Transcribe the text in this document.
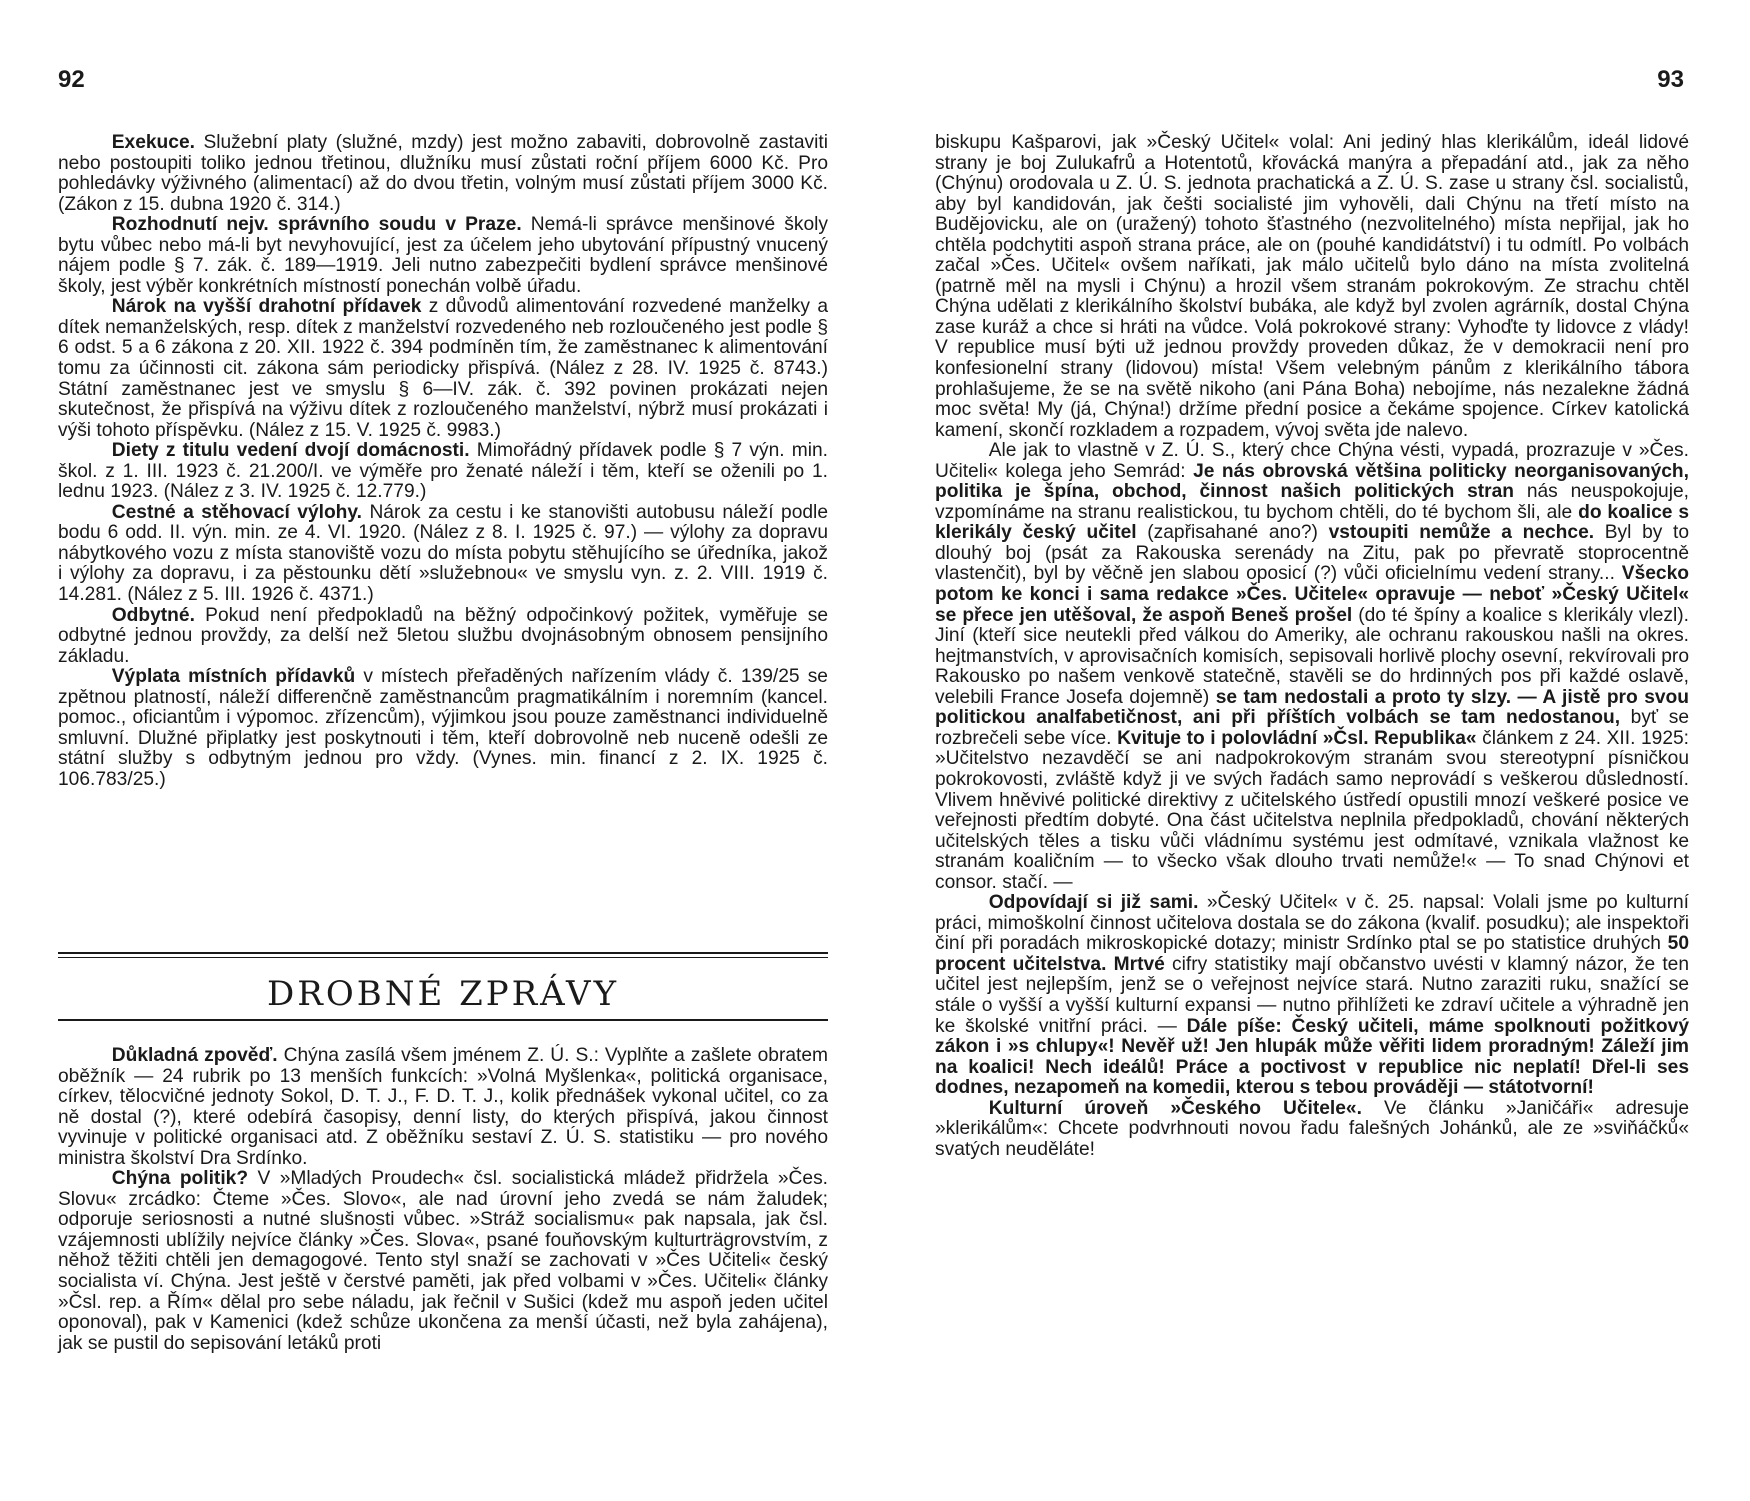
92

Exekuce. Služební platy (služné, mzdy) jest možno zabaviti, dobrovolně zastaviti nebo postoupiti toliko jednou třetinou, dlužníku musí zůstati roční příjem 6000 Kč. Pro pohledávky výživného (alimentací) až do dvou třetin, volným musí zůstati příjem 3000 Kč. (Zákon z 15. dubna 1920 č. 314.)

Rozhodnutí nejv. správního soudu v Praze. Nemá-li správce menšinové školy bytu vůbec nebo má-li byt nevyhovující, jest za účelem jeho ubytování přípustný vnucený nájem podle § 7. zák. č. 189—1919. Jeli nutno zabezpečiti bydlení správce menšinové školy, jest výběr konkrétních místností ponechán volbě úřadu.

Nárok na vyšší drahotní přídavek z důvodů alimentování rozvedené manželky a dítek nemanželských, resp. dítek z manželství rozvedeného neb rozloučeného jest podle § 6 odst. 5 a 6 zákona z 20. XII. 1922 č. 394 podmíněn tím, že zaměstnanec k alimentování tomu za účinnosti cit. zákona sám periodicky přispívá. (Nález z 28. IV. 1925 č. 8743.) Státní zaměstnanec jest ve smyslu § 6—IV. zák. č. 392 povinen prokázati nejen skutečnost, že přispívá na výživu dítek z rozloučeného manželství, nýbrž musí prokázati i výši tohoto příspěvku. (Nález z 15. V. 1925 č. 9983.)

Diety z titulu vedení dvojí domácnosti. Mimořádný přídavek podle § 7 výn. min. škol. z 1. III. 1923 č. 21.200/I. ve výměře pro ženaté náleží i těm, kteří se oženili po 1. lednu 1923. (Nález z 3. IV. 1925 č. 12.779.)

Cestné a stěhovací výlohy. Nárok za cestu i ke stanovišti autobusu náleží podle bodu 6 odd. II. výn. min. ze 4. VI. 1920. (Nález z 8. I. 1925 č. 97.) — výlohy za dopravu nábytkového vozu z místa stanoviště vozu do místa pobytu stěhujícího se úředníka, jakož i výlohy za dopravu, i za pěstounku dětí »služebnou« ve smyslu vyn. z. 2. VIII. 1919 č. 14.281. (Nález z 5. III. 1926 č. 4371.)

Odbytné. Pokud není předpokladů na běžný odpočinkový požitek, vyměřuje se odbytné jednou provždy, za delší než 5letou službu dvojnásobným obnosem pensijního základu.

Výplata místních přídavků v místech přeřaděných nařízením vlády č. 139/25 se zpětnou platností, náleží differenčně zaměstnancům pragmatikálním i noremním (kancel. pomoc., oficiantům i výpomoc. zřízencům), výjimkou jsou pouze zaměstnanci individuelně smluvní. Dlužné připlatky jest poskytnouti i těm, kteří dobrovolně neb nuceně odešli ze státní služby s odbytným jednou pro vždy. (Vynes. min. financí z 2. IX. 1925 č. 106.783/25.)

DROBNÉ ZPRÁVY

Důkladná zpověď. Chýna zasílá všem jménem Z. Ú. S.: Vyplňte a zašlete obratem oběžník — 24 rubrik po 13 menších funkcích: »Volná Myšlenka«, politická organisace, církev, tělocvičné jednoty Sokol, D. T. J., F. D. T. J., kolik přednášek vykonal učitel, co za ně dostal (?), které odebírá časopisy, denní listy, do kterých přispívá, jakou činnost vyvinuje v politické organisaci atd. Z oběžníku sestaví Z. Ú. S. statistiku — pro nového ministra školství Dra Srdínko.

Chýna politik? V »Mladých Proudech« čsl. socialistická mládež přidržela »Čes. Slovu« zrcádko: Čteme »Čes. Slovo«, ale nad úrovní jeho zvedá se nám žaludek; odporuje seriosnosti a nutné slušnosti vůbec. »Stráž socialismu« pak napsala, jak čsl. vzájemnosti ublížily nejvíce články »Čes. Slova«, psané fouňovským kulturträgrovstvím, z něhož těžiti chtěli jen demagogové. Tento styl snaží se zachovati v »Čes Učiteli« český socialista ví. Chýna. Jest ještě v čerstvé paměti, jak před volbami v »Čes. Učiteli« články »Čsl. rep. a Řím« dělal pro sebe náladu, jak řečnil v Sušici (kdež mu aspoň jeden učitel oponoval), pak v Kamenici (kdež schůze ukončena za menší účasti, než byla zahájena), jak se pustil do sepisování letáků proti

93

biskupu Kašparovi, jak »Český Učitel« volal: Ani jediný hlas klerikálům, ideál lidové strany je boj Zulukafrů a Hotentotů, křovácká manýra a přepadání atd., jak za něho (Chýnu) orodovala u Z. Ú. S. jednota prachatická a Z. Ú. S. zase u strany čsl. socialistů, aby byl kandidován, jak češti socialisté jim vyhověli, dali Chýnu na třetí místo na Budějovicku, ale on (uražený) tohoto šťastného (nezvolitelného) místa nepřijal, jak ho chtěla podchytiti aspoň strana práce, ale on (pouhé kandidátství) i tu odmítl. Po volbách začal »Čes. Učitel« ovšem naříkati, jak málo učitelů bylo dáno na místa zvolitelná (patrně měl na mysli i Chýnu) a hrozil všem stranám pokrokovým. Ze strachu chtěl Chýna udělati z klerikálního školství bubáka, ale když byl zvolen agrárník, dostal Chýna zase kuráž a chce si hráti na vůdce. Volá pokrokové strany: Vyhoďte ty lidovce z vlády! V republice musí býti už jednou provždy proveden důkaz, že v demokracii není pro konfesionelní strany (lidovou) místa! Všem velebným pánům z klerikálního tábora prohlašujeme, že se na světě nikoho (ani Pána Boha) nebojíme, nás nezaleknе žádná moc světa! My (já, Chýna!) držíme přední posice a čekáme spojence. Církev katolická kamení, skončí rozkladem a rozpadem, vývoj světa jde nalevo.

Ale jak to vlastně v Z. Ú. S., který chce Chýna vésti, vypadá, prozrazuje v »Čes. Učiteli« kolega jeho Semrád: Je nás obrovská většina politicky neorganisovaných, politika je špína, obchod, činnost našich politických stran nás neuspokojuje, vzpomínáme na stranu realistickou, tu bychom chtěli, do té bychom šli, ale do koalice s klerikály český učitel (zapřisahané ano?) vstoupiti nemůže a nechce. Byl by to dlouhý boj (psát za Rakouska serenády na Zitu, pak po převratě stoprocentně vlastenčit), byl by věčně jen slabou oposicí (?) vůči oficielnímu vedení strany... Všecko potom ke konci i sama redakce »Čes. Učitele« opravuje — neboť »Český Učitel« se přece jen utěšoval, že aspoň Beneš prošel (do té špíny a koalice s klerikály vlezl). Jiní (kteří sice neutekli před válkou do Ameriky, ale ochranu rakouskou našli na okres. hejtmanstvích, v aprovisačních komisích, sepisovali horlivě plochy osevní, rekvírovali pro Rakousko po našem venkově statečně, stavěli se do hrdinných pos při každé oslavě, velebili France Josefa dojemně) se tam nedostali a proto ty slzy. — A jistě pro svou politickou analfabetičnost, ani při příštích volbách se tam nedostanou, byť se rozbrečeli sebe více. Kvituje to i polovládní »Čsl. Republika« článkem z 24. XII. 1925: »Učitelstvo nezavděčí se ani nadpokrokovým stranám svou stereotypní písničkou pokrokovosti, zvláště když ji ve svých řadách samo neprovádí s veškerou důsledností. Vlivem hněvivé politické direktivy z učitelského ústředí opustili mnozí veškeré posice ve veřejnosti předtím dobyté. Ona část učitelstva neplnila předpokladů, chování některých učitelských těles a tisku vůči vládnímu systému jest odmítavé, vznikala vlažnost ke stranám koaličním — to všecko však dlouho trvati nemůže!« — To snad Chýnovi et consor. stačí. —

Odpovídají si již sami. »Český Učitel« v č. 25. napsal: Volali jsme po kulturní práci, mimoškolní činnost učitelova dostala se do zákona (kvalif. posudku); ale inspektoři činí při poradách mikroskopické dotazy; ministr Srdínko ptal se po statistice druhých 50 procent učitelstva. Mrtvé cifry statistiky mají občanstvo uvésti v klamný názor, že ten učitel jest nejlepším, jenž se o veřejnost nejvíce stará. Nutno zaraziti ruku, snažící se stále o vyšší a vyšší kulturní expansi — nutno přihlížeti ke zdraví učitele a výhradně jen ke školské vnitřní práci. — Dále píše: Český učiteli, máme spolknouti požitkový zákon i »s chlupy«! Nevěř už! Jen hlupák může věřiti lidem proradným! Záleží jim na koalici! Nech ideálů! Práce a poctivost v republice nic neplatí! Dřel-li ses dodnes, nezapomeň na komedii, kterou s tebou prováději — státotvorní!

Kulturní úroveň »Českého Učitele«. Ve článku »Janičáři« adresuje »klerikálům«: Chcete podvrhnouti novou řadu falešných Johánků, ale ze »sviňáčků« svatých neuděláte!
